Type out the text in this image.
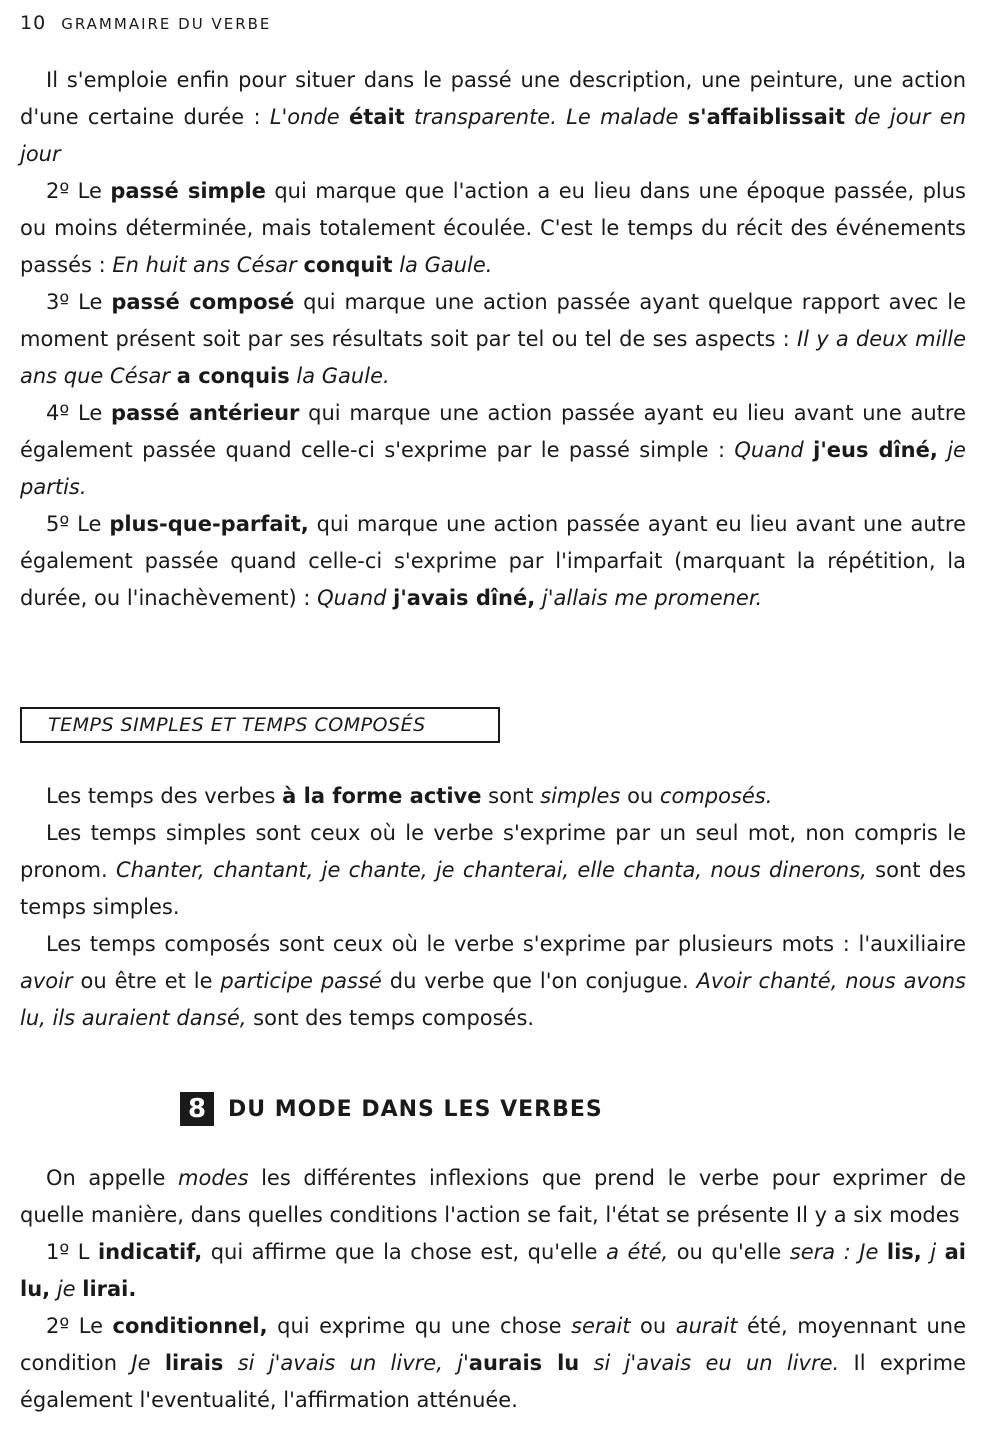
10 GRAMMAIRE DU VERBE

Il s'emploie enfin pour situer dans le passé une description, une peinture, une action d'une certaine durée : L'onde était transparente. Le malade s'affaiblissait de jour en jour

2º Le passé simple qui marque que l'action a eu lieu dans une époque passée, plus ou moins déterminée, mais totalement écoulée. C'est le temps du récit des événements passés : En huit ans César conquit la Gaule.

3º Le passé composé qui marque une action passée ayant quelque rapport avec le moment présent soit par ses résultats soit par tel ou tel de ses aspects : Il y a deux mille ans que César a conquis la Gaule.

4º Le passé antérieur qui marque une action passée ayant eu lieu avant une autre également passée quand celle-ci s'exprime par le passé simple : Quand j'eus dîné, je partis.

5º Le plus-que-parfait, qui marque une action passée ayant eu lieu avant une autre également passée quand celle-ci s'exprime par l'imparfait (marquant la répétition, la durée, ou l'inachèvement) : Quand j'avais dîné, j'allais me promener.

TEMPS SIMPLES ET TEMPS COMPOSÉS

Les temps des verbes à la forme active sont simples ou composés.

Les temps simples sont ceux où le verbe s'exprime par un seul mot, non compris le pronom. Chanter, chantant, je chante, je chanterai, elle chanta, nous dinerons, sont des temps simples.

Les temps composés sont ceux où le verbe s'exprime par plusieurs mots : l'auxiliaire avoir ou être et le participe passé du verbe que l'on conjugue. Avoir chanté, nous avons lu, ils auraient dansé, sont des temps composés.

8 DU MODE DANS LES VERBES

On appelle modes les différentes inflexions que prend le verbe pour exprimer de quelle manière, dans quelles conditions l'action se fait, l'état se présente Il y a six modes

1º L indicatif, qui affirme que la chose est, qu'elle a été, ou qu'elle sera : Je lis, j ai lu, je lirai.

2º Le conditionnel, qui exprime qu une chose serait ou aurait été, moyennant une condition Je lirais si j'avais un livre, j'aurais lu si j'avais eu un livre. Il exprime également l'eventualité, l'affirmation atténuée.
